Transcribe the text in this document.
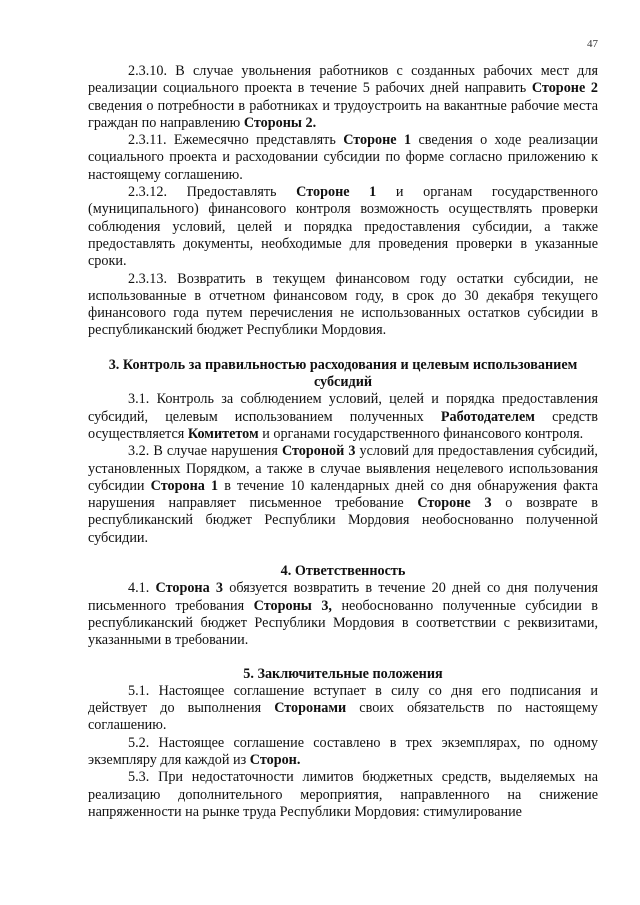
47

2.3.10. В случае увольнения работников с созданных рабочих мест для реализации социального проекта в течение 5 рабочих дней направить Стороне 2 сведения о потребности в работниках и трудоустроить на вакантные рабочие места граждан по направлению Стороны 2.

2.3.11. Ежемесячно представлять Стороне 1 сведения о ходе реализации социального проекта и расходовании субсидии по форме согласно приложению к настоящему соглашению.

2.3.12. Предоставлять Стороне 1 и органам государственного (муниципального) финансового контроля возможность осуществлять проверки соблюдения условий, целей и порядка предоставления субсидии, а также предоставлять документы, необходимые для проведения проверки в указанные сроки.

2.3.13. Возвратить в текущем финансовом году остатки субсидии, не использованные в отчетном финансовом году, в срок до 30 декабря текущего финансового года путем перечисления не использованных остатков субсидии в республиканский бюджет Республики Мордовия.

3. Контроль за правильностью расходования и целевым использованием субсидий

3.1. Контроль за соблюдением условий, целей и порядка предоставления субсидий, целевым использованием полученных Работодателем средств осуществляется Комитетом и органами государственного финансового контроля.

3.2. В случае нарушения Стороной 3 условий для предоставления субсидий, установленных Порядком, а также в случае выявления нецелевого использования субсидии Сторона 1 в течение 10 календарных дней со дня обнаружения факта нарушения направляет письменное требование Стороне 3 о возврате в республиканский бюджет Республики Мордовия необоснованно полученной субсидии.

4. Ответственность

4.1. Сторона 3 обязуется возвратить в течение 20 дней со дня получения письменного требования Стороны 3, необоснованно полученные субсидии в республиканский бюджет Республики Мордовия в соответствии с реквизитами, указанными в требовании.

5. Заключительные положения

5.1. Настоящее соглашение вступает в силу со дня его подписания и действует до выполнения Сторонами своих обязательств по настоящему соглашению.

5.2. Настоящее соглашение составлено в трех экземплярах, по одному экземпляру для каждой из Сторон.

5.3. При недостаточности лимитов бюджетных средств, выделяемых на реализацию дополнительного мероприятия, направленного на снижение напряженности на рынке труда Республики Мордовия: стимулирование
